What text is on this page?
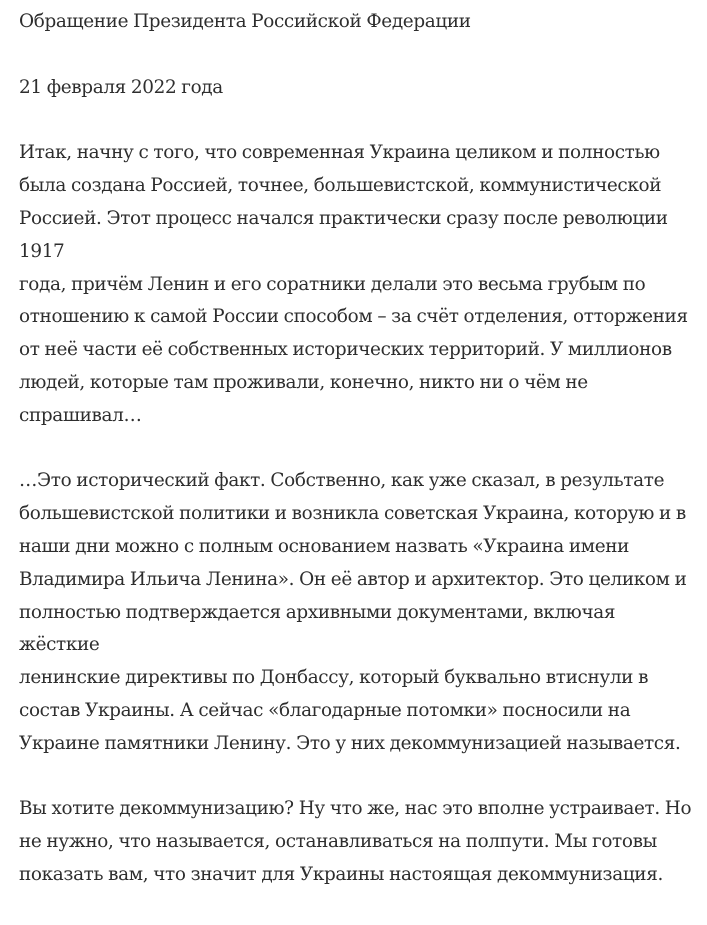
Обращение Президента Российской Федерации

21 февраля 2022 года

Итак, начну с того, что современная Украина целиком и полностью
была создана Россией, точнее, большевистской, коммунистической
Россией. Этот процесс начался практически сразу после революции 1917
года, причём Ленин и его соратники делали это весьма грубым по
отношению к самой России способом – за счёт отделения, отторжения
от неё части её собственных исторических территорий. У миллионов
людей, которые там проживали, конечно, никто ни о чём не
спрашивал…

…Это исторический факт. Собственно, как уже сказал, в результате
большевистской политики и возникла советская Украина, которую и в
наши дни можно с полным основанием назвать «Украина имени
Владимира Ильича Ленина». Он её автор и архитектор. Это целиком и
полностью подтверждается архивными документами, включая жёсткие
ленинские директивы по Донбассу, который буквально втиснули в
состав Украины. А сейчас «благодарные потомки» посносили на
Украине памятники Ленину. Это у них декоммунизацией называется.

Вы хотите декоммунизацию? Ну что же, нас это вполне устраивает. Но
не нужно, что называется, останавливаться на полпути. Мы готовы
показать вам, что значит для Украины настоящая декоммунизация.
